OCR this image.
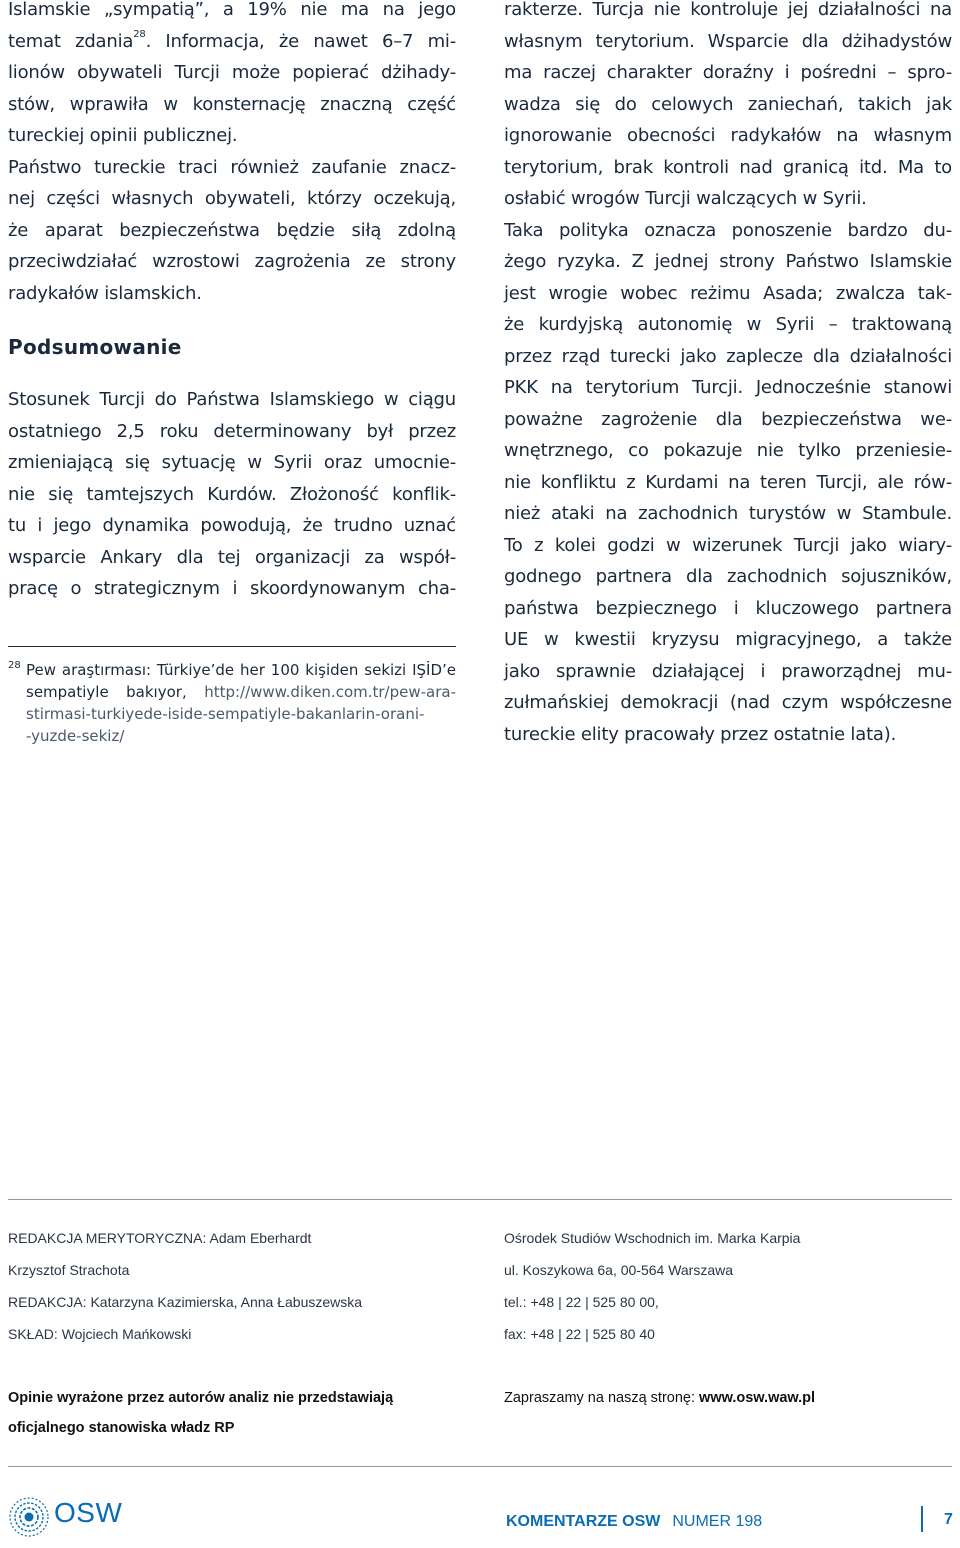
Islamskie „sympatią”, a 19% nie ma na jego
temat zdania$^{28}$. Informacja, że nawet 6–7 mi-
lionów obywateli Turcji może popierać dżihady-
stów, wprawiła w konsternację znaczną część
tureckiej opinii publicznej.

Państwo tureckie traci również zaufanie znacz-
nej części własnych obywateli, którzy oczekują,
że aparat bezpieczeństwa będzie siłą zdolną
przeciwdziałać wzrostowi zagrożenia ze strony
radykałów islamskich.

Podsumowanie

Stosunek Turcji do Państwa Islamskiego w ciągu
ostatniego 2,5 roku determinowany był przez
zmieniającą się sytuację w Syrii oraz umocnie-
nie się tamtejszych Kurdów. Złożoność konflik-
tu i jego dynamika powodują, że trudno uznać
wsparcie Ankary dla tej organizacji za współ-
pracę o strategicznym i skoordynowanym cha-

28 Pew araştırması: Türkiye’de her 100 kişiden sekizi IŞİD’e
sempatiyle bakıyor, http://www.diken.com.tr/pew-ara-
stirmasi-turkiyede-iside-sempatiyle-bakanlarin-orani-
-yuzde-sekiz/

rakterze. Turcja nie kontroluje jej działalności na
własnym terytorium. Wsparcie dla dżihadystów
ma raczej charakter doraźny i pośredni – spro-
wadza się do celowych zaniechań, takich jak
ignorowanie obecności radykałów na własnym
terytorium, brak kontroli nad granicą itd. Ma to
osłabić wrogów Turcji walczących w Syrii.

Taka polityka oznacza ponoszenie bardzo du-
żego ryzyka. Z jednej strony Państwo Islamskie
jest wrogie wobec reżimu Asada; zwalcza tak-
że kurdyjską autonomię w Syrii – traktowaną
przez rząd turecki jako zaplecze dla działalności
PKK na terytorium Turcji. Jednocześnie stanowi
poważne zagrożenie dla bezpieczeństwa we-
wnętrznego, co pokazuje nie tylko przeniesie-
nie konfliktu z Kurdami na teren Turcji, ale rów-
nież ataki na zachodnich turystów w Stambule.
To z kolei godzi w wizerunek Turcji jako wiary-
godnego partnera dla zachodnich sojuszników,
państwa bezpiecznego i kluczowego partnera
UE w kwestii kryzysu migracyjnego, a także
jako sprawnie działającej i praworządnej mu-
zułmańskiej demokracji (nad czym współczesne
tureckie elity pracowały przez ostatnie lata).

REDAKCJA MERYTORYCZNA: Adam Eberhardt
Krzysztof Strachota
REDAKCJA: Katarzyna Kazimierska, Anna Łabuszewska
SKŁAD: Wojciech Mańkowski
Ośrodek Studiów Wschodnich im. Marka Karpia
ul. Koszykowa 6a, 00-564 Warszawa
tel.: +48 | 22 | 525 80 00,
fax: +48 | 22 | 525 80 40
Opinie wyrażone przez autorów analiz nie przedstawiają
oficjalnego stanowiska władz RP
Zapraszamy na naszą stronę: www.osw.waw.pl
OSW	KOMENTARZE OSW NUMER 198	7
